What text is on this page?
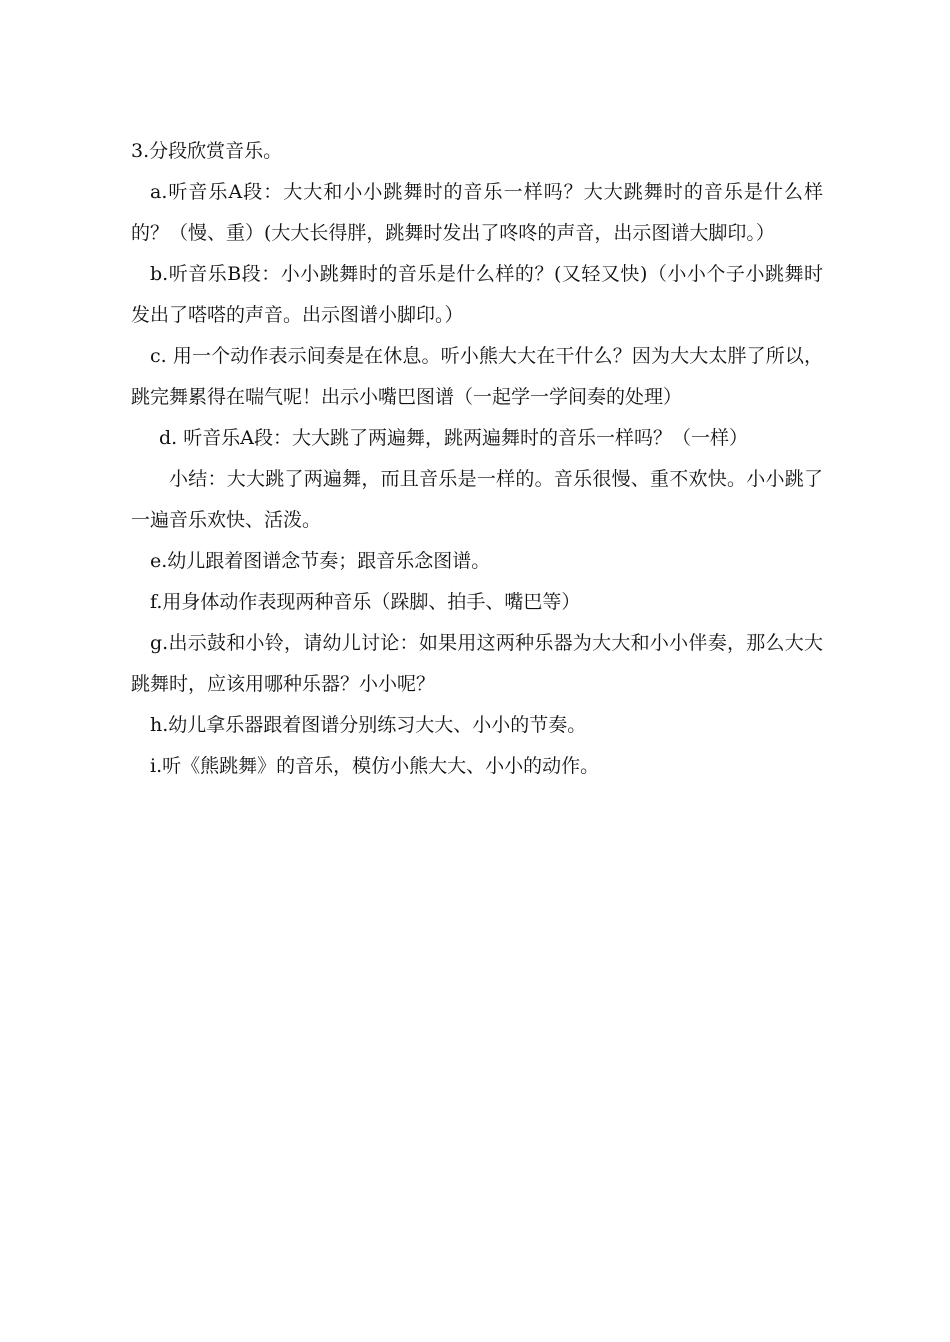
3.分段欣赏音乐。

a.听音乐A段：大大和小小跳舞时的音乐一样吗？大大跳舞时的音乐是什么样的？（慢、重）(大大长得胖，跳舞时发出了咚咚的声音，出示图谱大脚印。）

b.听音乐B段：小小跳舞时的音乐是什么样的？(又轻又快)（小小个子小跳舞时发出了嗒嗒的声音。出示图谱小脚印。）

c. 用一个动作表示间奏是在休息。听小熊大大在干什么？因为大大太胖了所以，跳完舞累得在喘气呢！出示小嘴巴图谱（一起学一学间奏的处理）

d. 听音乐A段：大大跳了两遍舞，跳两遍舞时的音乐一样吗？（一样）

小结：大大跳了两遍舞，而且音乐是一样的。音乐很慢、重不欢快。小小跳了一遍音乐欢快、活泼。

e.幼儿跟着图谱念节奏；跟音乐念图谱。

f.用身体动作表现两种音乐（跺脚、拍手、嘴巴等）

g.出示鼓和小铃，请幼儿讨论：如果用这两种乐器为大大和小小伴奏，那么大大跳舞时，应该用哪种乐器？小小呢？

h.幼儿拿乐器跟着图谱分别练习大大、小小的节奏。

i.听《熊跳舞》的音乐，模仿小熊大大、小小的动作。
